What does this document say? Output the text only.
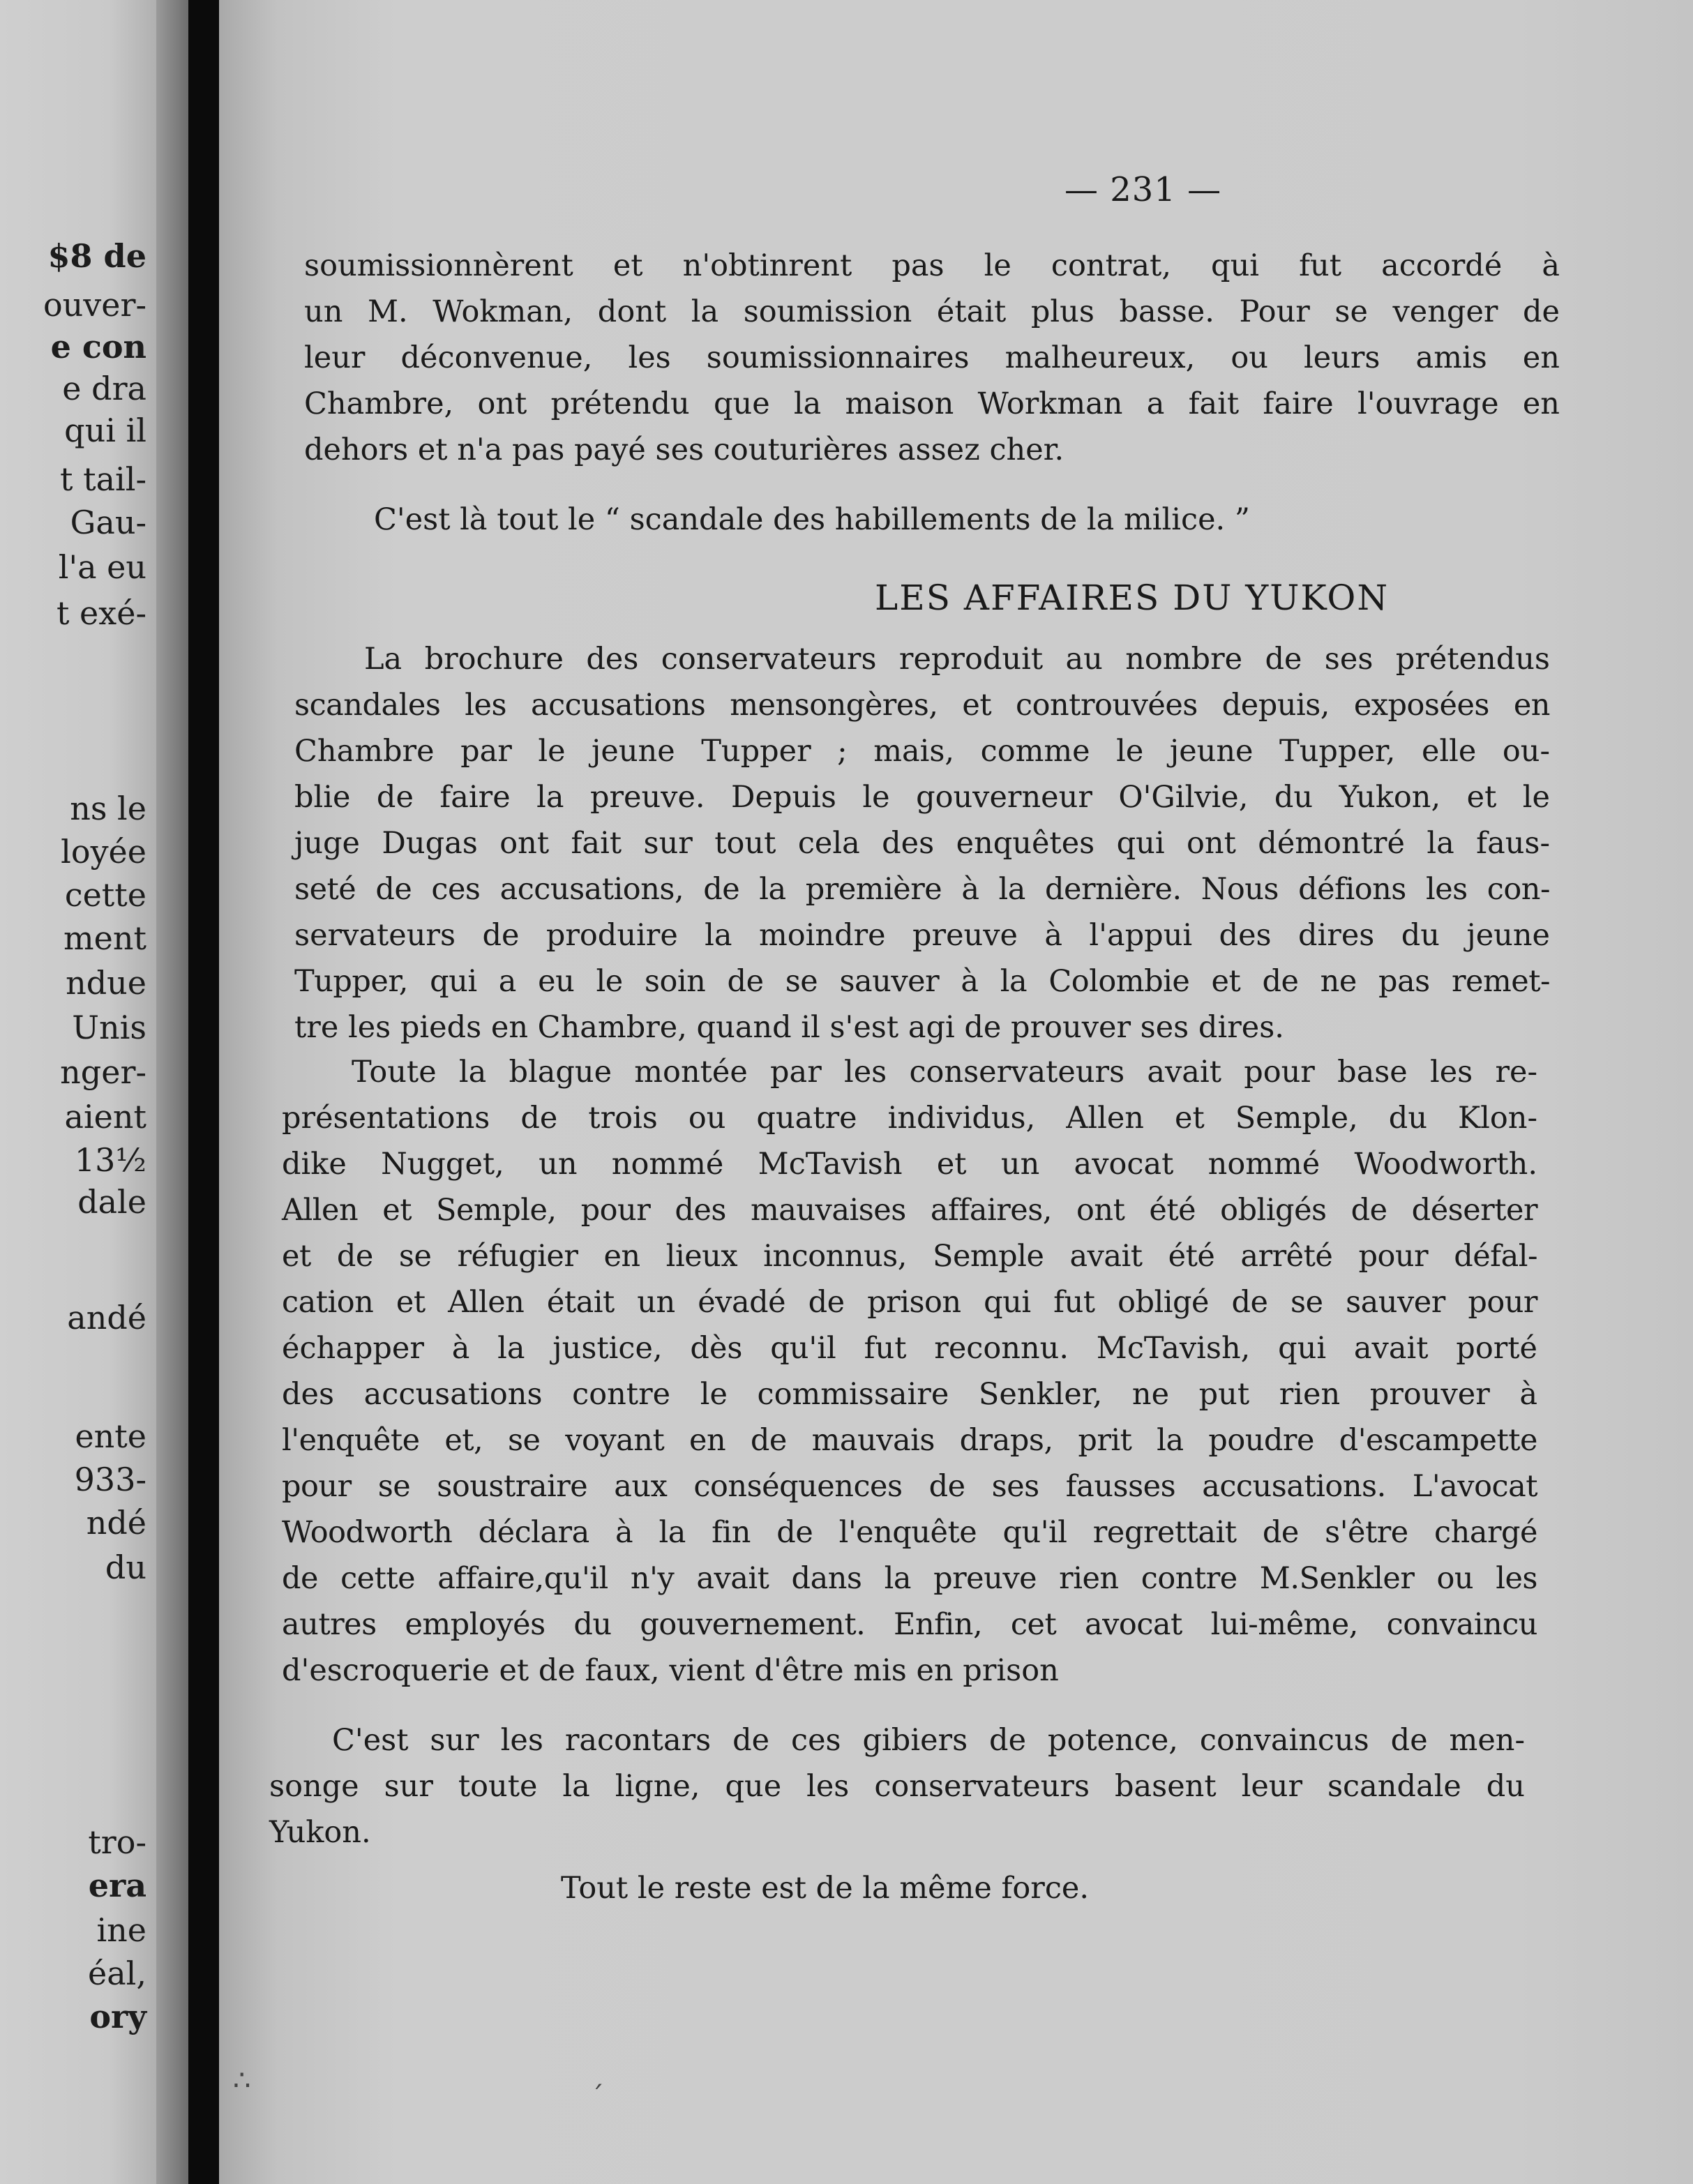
$8 de

ouver-

e con

e dra

qui il

t tail-

Gau-

l'a eu

t exé-

ns le

loyée

cette

ment

ndue

Unis

nger-

aient

13½

dale

andé

ente

933-

ndé

du

tro-

era

ine

éal,

ory

— 231 —

soumissionnèrent et n'obtinrent pas le contrat, qui fut accordé à
un M. Wokman, dont la soumission était plus basse. Pour se venger de
leur déconvenue, les soumissionnaires malheureux, ou leurs amis en
Chambre, ont prétendu que la maison Workman a fait faire l'ouvrage en
dehors et n'a pas payé ses couturières assez cher.
C'est là tout le “ scandale des habillements de la milice. ”
LES AFFAIRES DU YUKON
La brochure des conservateurs reproduit au nombre de ses prétendus
scandales les accusations mensongères, et controuvées depuis, exposées en
Chambre par le jeune Tupper ; mais, comme le jeune Tupper, elle ou-
blie de faire la preuve. Depuis le gouverneur O'Gilvie, du Yukon, et le
juge Dugas ont fait sur tout cela des enquêtes qui ont démontré la faus-
seté de ces accusations, de la première à la dernière. Nous défions les con-
servateurs de produire la moindre preuve à l'appui des dires du jeune
Tupper, qui a eu le soin de se sauver à la Colombie et de ne pas remet-
tre les pieds en Chambre, quand il s'est agi de prouver ses dires.
Toute la blague montée par les conservateurs avait pour base les re-
présentations de trois ou quatre individus, Allen et Semple, du Klon-
dike Nugget, un nommé McTavish et un avocat nommé Woodworth.
Allen et Semple, pour des mauvaises affaires, ont été obligés de déserter
et de se réfugier en lieux inconnus, Semple avait été arrêté pour défal-
cation et Allen était un évadé de prison qui fut obligé de se sauver pour
échapper à la justice, dès qu'il fut reconnu. McTavish, qui avait porté
des accusations contre le commissaire Senkler, ne put rien prouver à
l'enquête et, se voyant en de mauvais draps, prit la poudre d'escampette
pour se soustraire aux conséquences de ses fausses accusations. L'avocat
Woodworth déclara à la fin de l'enquête qu'il regrettait de s'être chargé
de cette affaire,qu'il n'y avait dans la preuve rien contre M.Senkler ou les
autres employés du gouvernement. Enfin, cet avocat lui-même, convaincu
d'escroquerie et de faux, vient d'être mis en prison
C'est sur les racontars de ces gibiers de potence, convaincus de men-
songe sur toute la ligne, que les conservateurs basent leur scandale du
Yukon.

Tout le reste est de la même force.

∴
´
